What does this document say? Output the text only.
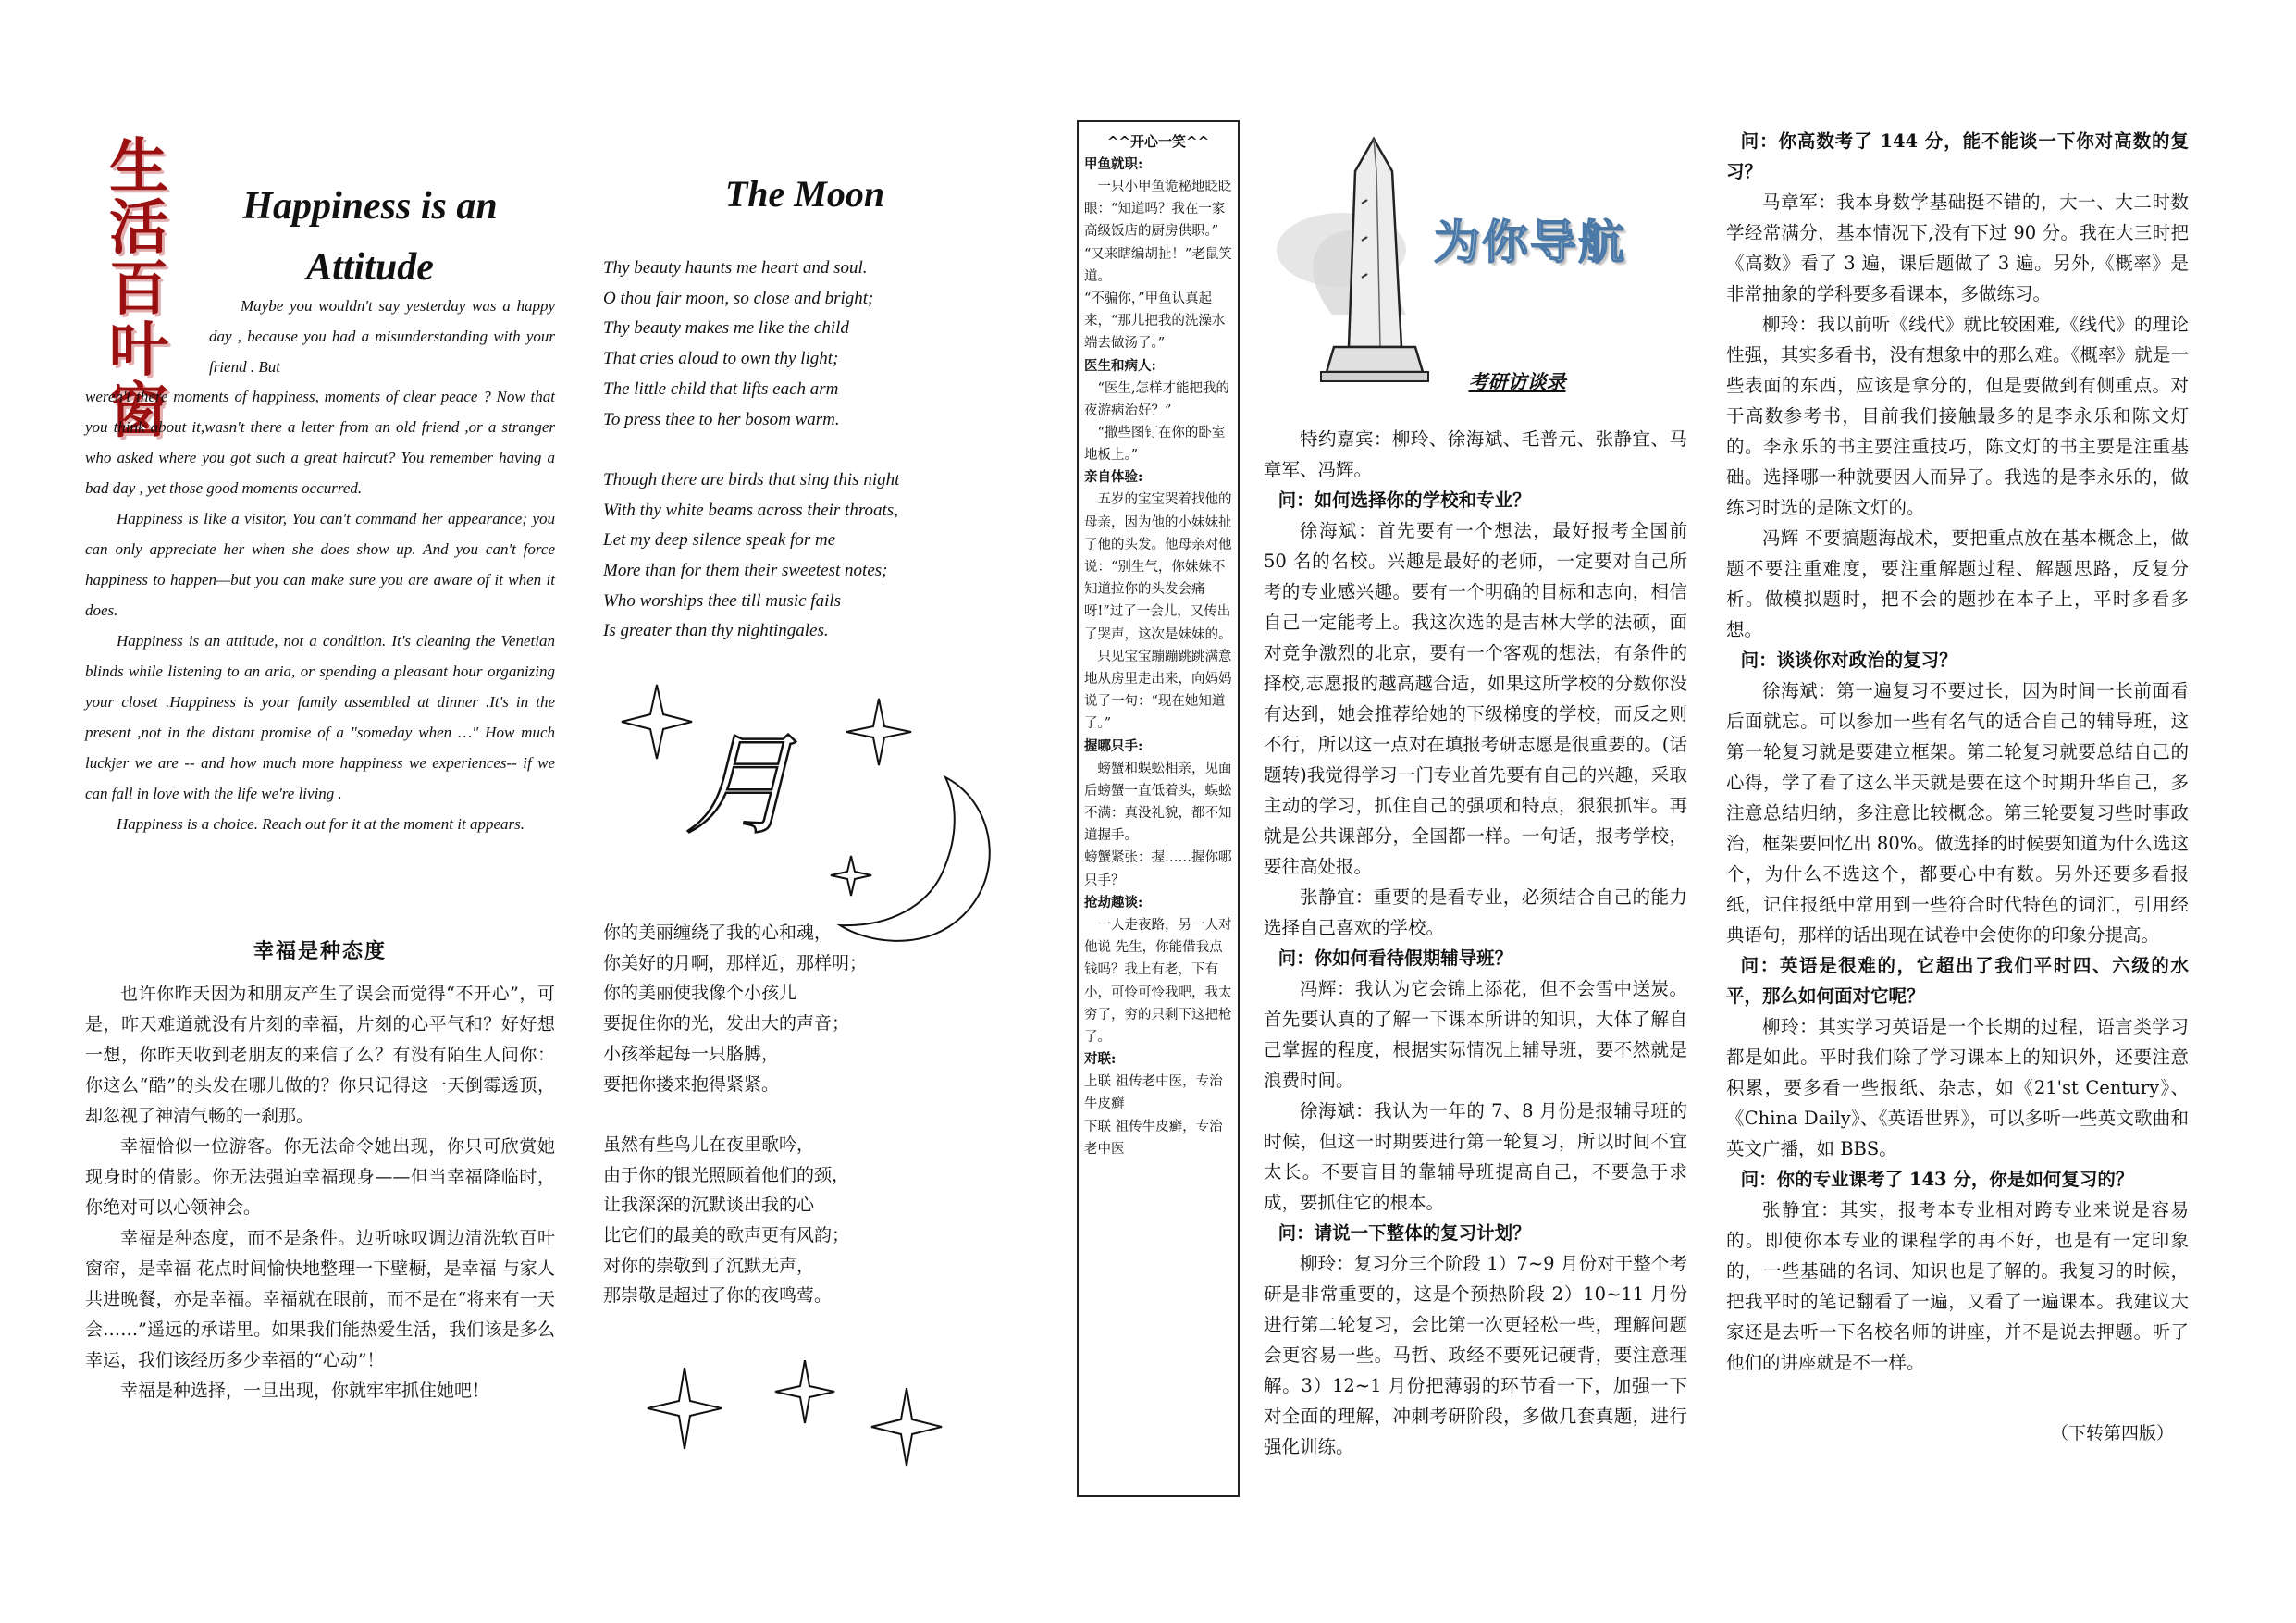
生
活
百
叶
窗
Happiness is an
Attitude

Maybe you wouldn't say yesterday was a happy day , because you had a misunderstanding with your friend . But

weren't there moments of happiness, moments of clear peace ? Now that you think about it,wasn't there a letter from an old friend ,or a stranger who asked where you got such a great haircut? You remember having a bad day , yet those good moments occurred.

Happiness is like a visitor, You can't command her appearance; you can only appreciate her when she does show up. And you can't force happiness to happen—but you can make sure you are aware of it when it does.

Happiness is an attitude, not a condition. It's cleaning the Venetian blinds while listening to an aria, or spending a pleasant hour organizing your closet .Happiness is your family assembled at dinner .It's in the present ,not in the distant promise of a "someday when …" How much luckjer we are -- and how much more happiness we experiences-- if we can fall in love with the life we're living .

Happiness is a choice. Reach out for it at the moment it appears.

幸福是种态度

也许你昨天因为和朋友产生了误会而觉得“不开心”，可是，昨天难道就没有片刻的幸福，片刻的心平气和？好好想一想，你昨天收到老朋友的来信了么？有没有陌生人问你：你这么“酷”的头发在哪儿做的？你只记得这一天倒霉透顶，却忽视了神清气畅的一刹那。

幸福恰似一位游客。你无法命令她出现，你只可欣赏她现身时的倩影。你无法强迫幸福现身——但当幸福降临时，你绝对可以心领神会。

幸福是种态度，而不是条件。边听咏叹调边清洗软百叶窗帘，是幸福 花点时间愉快地整理一下壁橱，是幸福 与家人共进晚餐，亦是幸福。幸福就在眼前，而不是在“将来有一天会……”遥远的承诺里。如果我们能热爱生活，我们该是多么幸运，我们该经历多少幸福的“心动”！

幸福是种选择，一旦出现，你就牢牢抓住她吧！

The Moon
Thy beauty haunts me heart and soul.
O thou fair moon, so close and bright;
Thy beauty makes me like the child
That cries aloud to own thy light;
The little child that lifts each arm
To press thee to her bosom warm.
Though there are birds that sing this night
With thy white beams across their throats,
Let my deep silence speak for me
More than for them their sweetest notes;
Who worships thee till music fails
Is greater than thy nightingales.
月
你的美丽缠绕了我的心和魂，
你美好的月啊，那样近，那样明；
你的美丽使我像个小孩儿
要捉住你的光，发出大的声音；
小孩举起每一只胳膊，
要把你搂来抱得紧紧。
虽然有些鸟儿在夜里歌吟，
由于你的银光照顾着他们的颈，
让我深深的沉默谈出我的心
比它们的最美的歌声更有风韵；
对你的崇敬到了沉默无声，
那崇敬是超过了你的夜鸣莺。
^^开心一笑^^
甲鱼就职:

一只小甲鱼诡秘地眨眨眼：“知道吗？我在一家高级饭店的厨房供职。”

“又来瞎编胡扯！”老鼠笑道。

“不骗你，”甲鱼认真起来，“那儿把我的洗澡水端去做汤了。”

医生和病人:

“医生,怎样才能把我的夜游病治好？”

“撒些图钉在你的卧室地板上。”

亲自体验:

五岁的宝宝哭着找他的母亲，因为他的小妹妹扯了他的头发。他母亲对他说：“别生气，你妹妹不知道拉你的头发会痛呀!”过了一会儿，又传出了哭声，这次是妹妹的。

只见宝宝蹦蹦跳跳满意地从房里走出来，向妈妈说了一句：“现在她知道了。”

握哪只手:

螃蟹和蜈蚣相亲，见面后螃蟹一直低着头，蜈蚣不满：真没礼貌，都不知道握手。

螃蟹紧张：握……握你哪只手？

抢劫趣谈:

一人走夜路，另一人对他说 先生，你能借我点钱吗？我上有老，下有小，可怜可怜我吧，我太穷了，穷的只剩下这把枪了。

对联:

上联 祖传老中医，专治牛皮癣

下联 祖传牛皮癣，专治老中医

为你导航
考研访谈录

特约嘉宾：柳玲、徐海斌、毛普元、张静宜、马章军、冯辉。

问：如何选择你的学校和专业？

徐海斌：首先要有一个想法，最好报考全国前 50 名的名校。兴趣是最好的老师，一定要对自己所考的专业感兴趣。要有一个明确的目标和志向，相信自己一定能考上。我这次选的是吉林大学的法硕，面对竞争激烈的北京，要有一个客观的想法，有条件的择校,志愿报的越高越合适，如果这所学校的分数你没有达到，她会推荐给她的下级梯度的学校，而反之则不行，所以这一点对在填报考研志愿是很重要的。(话题转)我觉得学习一门专业首先要有自己的兴趣，采取主动的学习，抓住自己的强项和特点，狠狠抓牢。再就是公共课部分，全国都一样。一句话，报考学校， 要往高处报。

张静宜：重要的是看专业，必须结合自己的能力选择自己喜欢的学校。

问：你如何看待假期辅导班？

冯辉：我认为它会锦上添花，但不会雪中送炭。首先要认真的了解一下课本所讲的知识，大体了解自己掌握的程度，根据实际情况上辅导班，要不然就是浪费时间。

徐海斌：我认为一年的 7、8 月份是报辅导班的时候，但这一时期要进行第一轮复习，所以时间不宜太长。不要盲目的靠辅导班提高自己，不要急于求成，要抓住它的根本。

问：请说一下整体的复习计划？

柳玲：复习分三个阶段 1）7~9 月份对于整个考研是非常重要的，这是个预热阶段 2）10~11 月份进行第二轮复习，会比第一次更轻松一些，理解问题会更容易一些。马哲、政经不要死记硬背，要注意理解。3）12~1 月份把薄弱的环节看一下，加强一下对全面的理解，冲刺考研阶段，多做几套真题，进行强化训练。

问：你高数考了 144 分，能不能谈一下你对高数的复习？

马章军：我本身数学基础挺不错的，大一、大二时数学经常满分，基本情况下,没有下过 90 分。我在大三时把《高数》看了 3 遍，课后题做了 3 遍。另外,《概率》是非常抽象的学科要多看课本，多做练习。

柳玲：我以前听《线代》就比较困难,《线代》的理论性强，其实多看书，没有想象中的那么难。《概率》就是一些表面的东西，应该是拿分的，但是要做到有侧重点。对于高数参考书，目前我们接触最多的是李永乐和陈文灯的。李永乐的书主要注重技巧，陈文灯的书主要是注重基础。选择哪一种就要因人而异了。我选的是李永乐的，做练习时选的是陈文灯的。

冯辉 不要搞题海战术，要把重点放在基本概念上，做题不要注重难度，要注重解题过程、解题思路，反复分析。做模拟题时，把不会的题抄在本子上，平时多看多想。

问：谈谈你对政治的复习？

徐海斌：第一遍复习不要过长，因为时间一长前面看后面就忘。可以参加一些有名气的适合自己的辅导班，这第一轮复习就是要建立框架。第二轮复习就要总结自己的心得，学了看了这么半天就是要在这个时期升华自己，多注意总结归纳，多注意比较概念。第三轮要复习些时事政治，框架要回忆出 80%。做选择的时候要知道为什么选这个，为什么不选这个，都要心中有数。另外还要多看报纸，记住报纸中常用到一些符合时代特色的词汇，引用经典语句，那样的话出现在试卷中会使你的印象分提高。

问：英语是很难的，它超出了我们平时四、六级的水平，那么如何面对它呢？

柳玲：其实学习英语是一个长期的过程，语言类学习都是如此。平时我们除了学习课本上的知识外，还要注意积累，要多看一些报纸、杂志，如《21'st Century》、《China Daily》、《英语世界》，可以多听一些英文歌曲和英文广播，如 BBS。

问：你的专业课考了 143 分，你是如何复习的？

张静宜：其实，报考本专业相对跨专业来说是容易的。即使你本专业的课程学的再不好，也是有一定印象的，一些基础的名词、知识也是了解的。我复习的时候，把我平时的笔记翻看了一遍，又看了一遍课本。我建议大家还是去听一下名校名师的讲座，并不是说去押题。听了他们的讲座就是不一样。

（下转第四版）
